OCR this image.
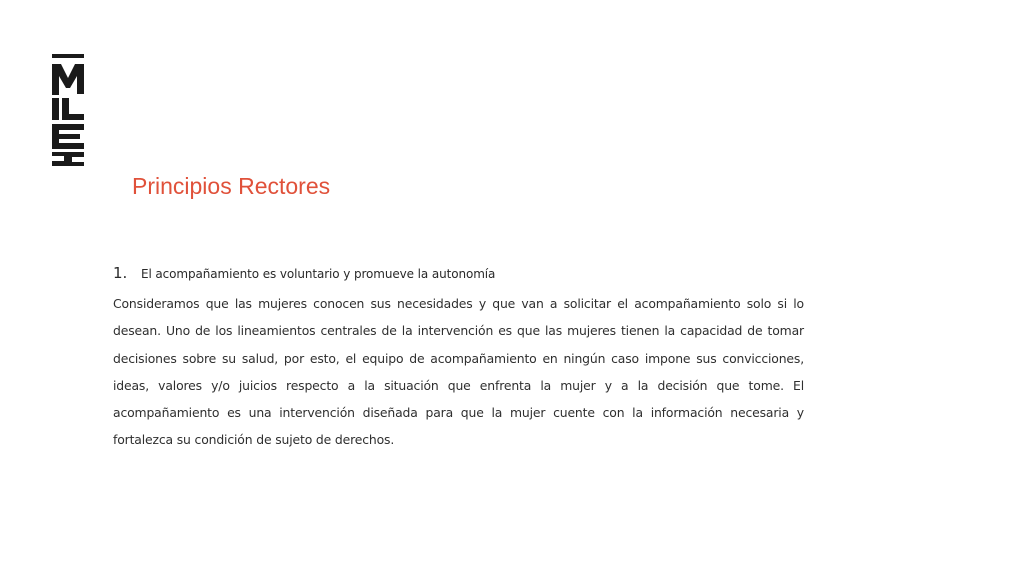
Principios Rectores
1.	El acompañamiento es voluntario y promueve la autonomía

Consideramos que las mujeres conocen sus necesidades y que van a solicitar el acompañamiento solo si lo desean. Uno de los lineamientos centrales de la intervención es que las mujeres tienen la capacidad de tomar decisiones sobre su salud, por esto, el equipo de acompañamiento en ningún caso impone sus convicciones, ideas, valores y/o juicios respecto a la situación que enfrenta la mujer y a la decisión que tome. El acompañamiento es una intervención diseñada para que la mujer cuente con la información necesaria y fortalezca su condición de sujeto de derechos.
